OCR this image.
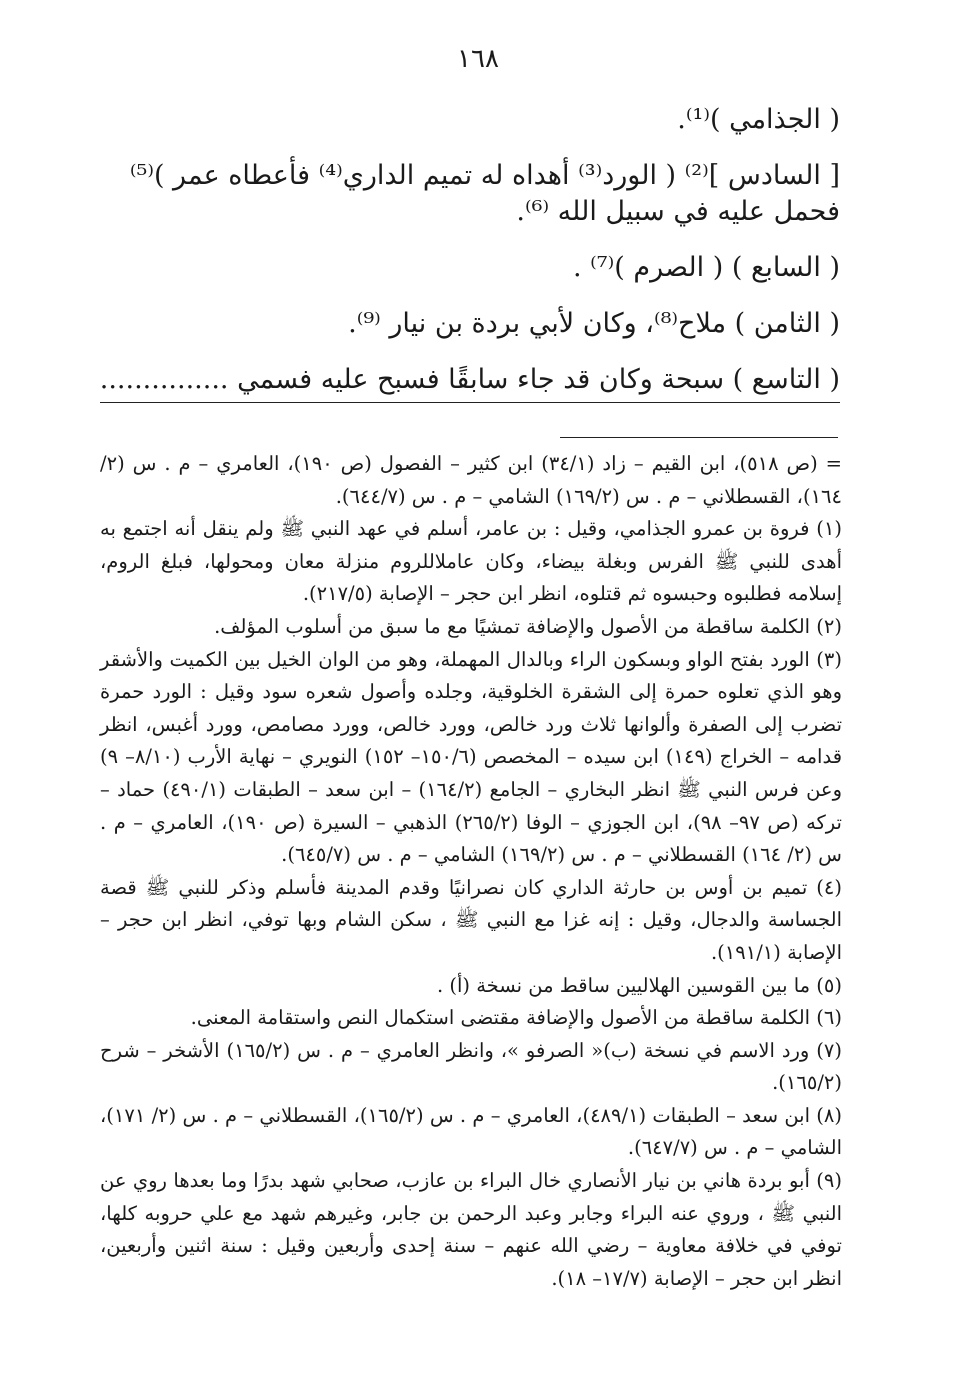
١٦٨

( الجذامي )⁽¹⁾.

[ السادس ]⁽²⁾ ( الورد⁽³⁾ أهداه له تميم الداري⁽⁴⁾ فأعطاه عمر )⁽⁵⁾ فحمل عليه في سبيل الله ⁽⁶⁾.

( السابع ) ( الصرم )⁽⁷⁾ .

( الثامن ) ملاح⁽⁸⁾، وكان لأبي بردة بن نيار ⁽⁹⁾.

( التاسع ) سبحة وكان قد جاء سابقًا فسبح عليه فسمي ...............

= (ص ٥١٨)، ابن القيم – زاد (٣٤/١) ابن كثير – الفصول (ص ١٩٠)، العامري – م . س (٢/ ١٦٤)، القسطلاني – م . س (١٦٩/٢) الشامي – م . س (٦٤٤/٧).

(١) فروة بن عمرو الجذامي، وقيل : بن عامر، أسلم في عهد النبي ﷺ ولم ينقل أنه اجتمع به أهدى للنبي ﷺ الفرس وبغلة بيضاء، وكان عاملاللروم منزلة معان ومحولها، فبلغ الروم، إسلامه فطلبوه وحبسوه ثم قتلوه، انظر ابن حجر – الإصابة (٢١٧/٥).

(٢) الكلمة ساقطة من الأصول والإضافة تمشيًا مع ما سبق من أسلوب المؤلف.

(٣) الورد بفتح الواو وبسكون الراء وبالدال المهملة، وهو من الوان الخيل بين الكميت والأشقر وهو الذي تعلوه حمرة إلى الشقرة الخلوقية، وجلده وأصول شعره سود وقيل : الورد حمرة تضرب إلى الصفرة وألوانها ثلاث ورد خالص، وورد خالص، وورد مصامص، وورد أغبس، انظر قدامه – الخراج (١٤٩) ابن سيده – المخصص (١٥٠/٦– ١٥٢) النويري – نهاية الأرب (٨/١٠– ٩) وعن فرس النبي ﷺ انظر البخاري – الجامع (١٦٤/٢) – ابن سعد – الطبقات (٤٩٠/١) حماد – تركه (ص ٩٧– ٩٨)، ابن الجوزي – الوفا (٢٦٥/٢) الذهبي – السيرة (ص ١٩٠)، العامري – م . س (٢/ ١٦٤) القسطلاني – م . س (١٦٩/٢) الشامي – م . س (٦٤٥/٧).

(٤) تميم بن أوس بن حارثة الداري كان نصرانيًا وقدم المدينة فأسلم وذكر للنبي ﷺ قصة الجساسة والدجال، وقيل : إنه غزا مع النبي ﷺ ، سكن الشام وبها توفي، انظر ابن حجر – الإصابة (١٩١/١).

(٥) ما بين القوسين الهلاليين ساقط من نسخة (أ) .

(٦) الكلمة ساقطة من الأصول والإضافة مقتضى استكمال النص واستقامة المعنى.

(٧) ورد الاسم في نسخة (ب)« الصرفو »، وانظر العامري – م . س (١٦٥/٢) الأشخر – شرح (١٦٥/٢).

(٨) ابن سعد – الطبقات (٤٨٩/١)، العامري – م . س (١٦٥/٢)، القسطلاني – م . س (٢/ ١٧١)، الشامي – م . س (٦٤٧/٧).

(٩) أبو بردة هاني بن نيار الأنصاري خال البراء بن عازب، صحابي شهد بدرًا وما بعدها روي عن النبي ﷺ ، وروي عنه البراء وجابر وعبد الرحمن بن جابر، وغيرهم شهد مع علي حروبه كلها، توفي في خلافة معاوية – رضي الله عنهم – سنة إحدى وأربعين وقيل : سنة اثنين وأربعين، انظر ابن حجر – الإصابة (١٧/٧– ١٨).
